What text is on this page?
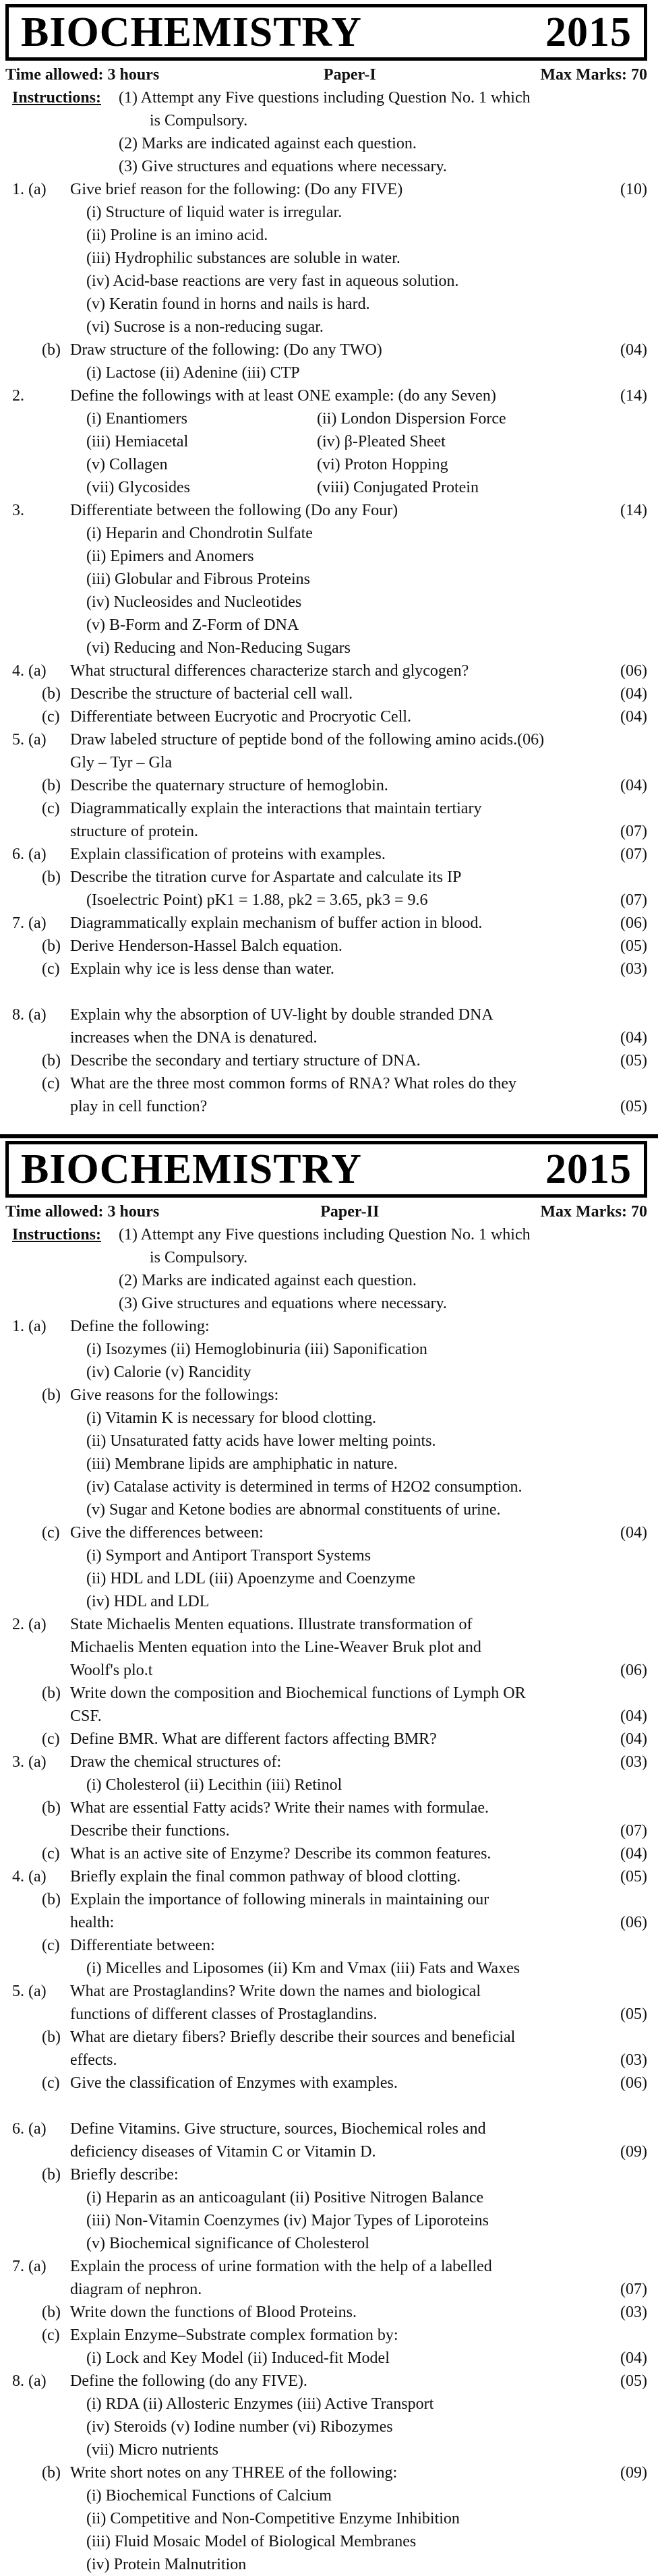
BIOCHEMISTRY	2015
Time allowed: 3 hours	Paper-I	Max Marks: 70
Instructions: (1) Attempt any Five questions including Question No. 1 which
is Compulsory.
(2) Marks are indicated against each question.
(3) Give structures and equations where necessary.
1. (a) Give brief reason for the following: (Do any FIVE)	(10)
(i) Structure of liquid water is irregular.
(ii) Proline is an imino acid.
(iii) Hydrophilic substances are soluble in water.
(iv) Acid-base reactions are very fast in aqueous solution.
(v) Keratin found in horns and nails is hard.
(vi) Sucrose is a non-reducing sugar.
(b) Draw structure of the following: (Do any TWO)	(04)
(i) Lactose (ii) Adenine (iii) CTP
2.	Define the followings with at least ONE example: (do any Seven)	(14)
(i) Enantiomers	(ii) London Dispersion Force
(iii) Hemiacetal	(iv) β-Pleated Sheet
(v) Collagen	(vi) Proton Hopping
(vii) Glycosides	(viii) Conjugated Protein
3.	Differentiate between the following (Do any Four)	(14)
(i) Heparin and Chondrotin Sulfate
(ii) Epimers and Anomers
(iii) Globular and Fibrous Proteins
(iv) Nucleosides and Nucleotides
(v) B-Form and Z-Form of DNA
(vi) Reducing and Non-Reducing Sugars
4. (a) What structural differences characterize starch and glycogen?	(06)
(b) Describe the structure of bacterial cell wall.	(04)
(c) Differentiate between Eucryotic and Procryotic Cell.	(04)
5. (a) Draw labeled structure of peptide bond of the following amino acids.(06)
Gly – Tyr – Gla
(b) Describe the quaternary structure of hemoglobin.	(04)
(c) Diagrammatically explain the interactions that maintain tertiary
structure of protein.	(07)
6. (a) Explain classification of proteins with examples.	(07)
(b) Describe the titration curve for Aspartate and calculate its IP
(Isoelectric Point) pK1 = 1.88, pk2 = 3.65, pk3 = 9.6	(07)
7. (a) Diagrammatically explain mechanism of buffer action in blood.	(06)
(b) Derive Henderson-Hassel Balch equation.	(05)
(c) Explain why ice is less dense than water.	(03)
8. (a) Explain why the absorption of UV-light by double stranded DNA
increases when the DNA is denatured.	(04)
(b) Describe the secondary and tertiary structure of DNA.	(05)
(c) What are the three most common forms of RNA? What roles do they
play in cell function?	(05)
BIOCHEMISTRY	2015
Time allowed: 3 hours	Paper-II	Max Marks: 70
Instructions: (1) Attempt any Five questions including Question No. 1 which
is Compulsory.
(2) Marks are indicated against each question.
(3) Give structures and equations where necessary.
1. (a) Define the following:
(i) Isozymes (ii) Hemoglobinuria (iii) Saponification
(iv) Calorie (v) Rancidity
(b) Give reasons for the followings:
(i) Vitamin K is necessary for blood clotting.
(ii) Unsaturated fatty acids have lower melting points.
(iii) Membrane lipids are amphiphatic in nature.
(iv) Catalase activity is determined in terms of H2O2 consumption.
(v) Sugar and Ketone bodies are abnormal constituents of urine.
(c) Give the differences between:	(04)
(i) Symport and Antiport Transport Systems
(ii) HDL and LDL (iii) Apoenzyme and Coenzyme
(iv) HDL and LDL
2. (a) State Michaelis Menten equations. Illustrate transformation of
Michaelis Menten equation into the Line-Weaver Bruk plot and
Woolf's plo.t	(06)
(b) Write down the composition and Biochemical functions of Lymph OR
CSF.	(04)
(c) Define BMR. What are different factors affecting BMR?	(04)
3. (a) Draw the chemical structures of:	(03)
(i) Cholesterol (ii) Lecithin (iii) Retinol
(b) What are essential Fatty acids? Write their names with formulae.
Describe their functions.	(07)
(c) What is an active site of Enzyme? Describe its common features.	(04)
4. (a) Briefly explain the final common pathway of blood clotting.	(05)
(b) Explain the importance of following minerals in maintaining our
health:	(06)
(c) Differentiate between:
(i) Micelles and Liposomes (ii) Km and Vmax (iii) Fats and Waxes
5. (a) What are Prostaglandins? Write down the names and biological
functions of different classes of Prostaglandins.	(05)
(b) What are dietary fibers? Briefly describe their sources and beneficial
effects.	(03)
(c) Give the classification of Enzymes with examples.	(06)
6. (a) Define Vitamins. Give structure, sources, Biochemical roles and
deficiency diseases of Vitamin C or Vitamin D.	(09)
(b) Briefly describe:
(i) Heparin as an anticoagulant (ii) Positive Nitrogen Balance
(iii) Non-Vitamin Coenzymes (iv) Major Types of Liporoteins
(v) Biochemical significance of Cholesterol
7. (a) Explain the process of urine formation with the help of a labelled
diagram of nephron.	(07)
(b) Write down the functions of Blood Proteins.	(03)
(c) Explain Enzyme–Substrate complex formation by:
(i) Lock and Key Model (ii) Induced-fit Model	(04)
8. (a) Define the following (do any FIVE).	(05)
(i) RDA (ii) Allosteric Enzymes (iii) Active Transport
(iv) Steroids (v) Iodine number (vi) Ribozymes
(vii) Micro nutrients
(b) Write short notes on any THREE of the following:	(09)
(i) Biochemical Functions of Calcium
(ii) Competitive and Non-Competitive Enzyme Inhibition
(iii) Fluid Mosaic Model of Biological Membranes
(iv) Protein Malnutrition
